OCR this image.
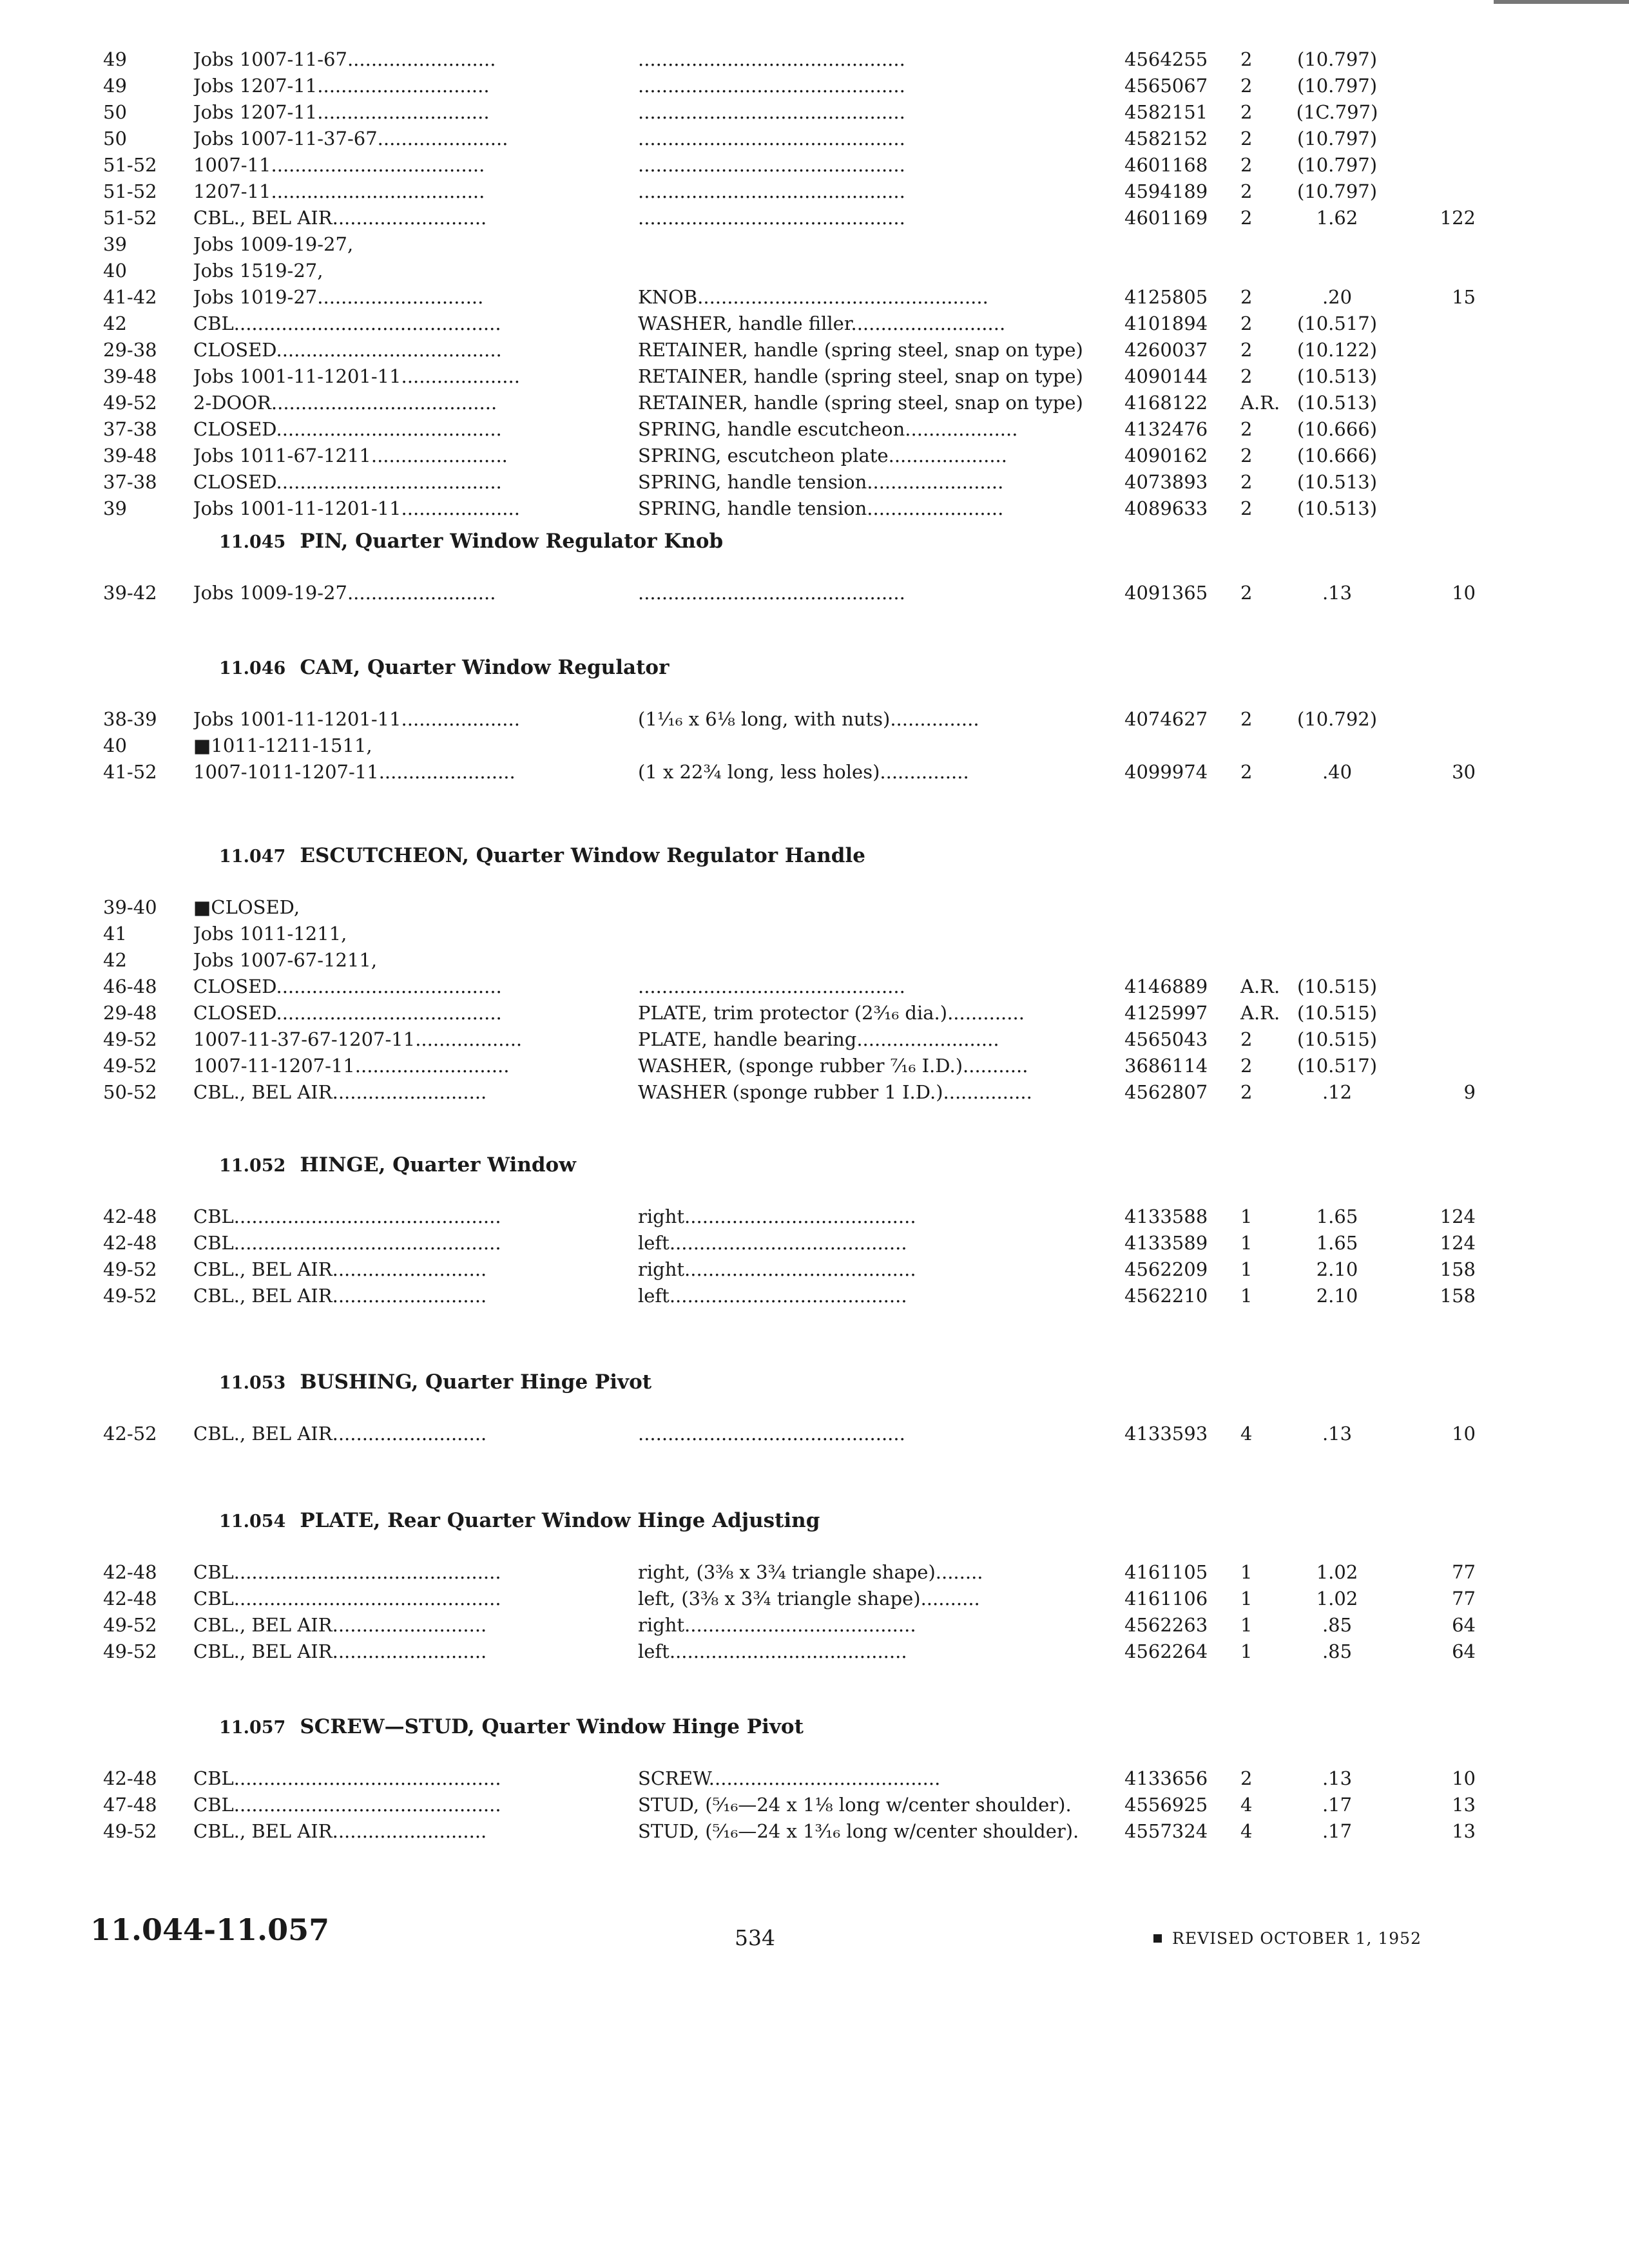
49	Jobs 1007-11-67.........................	.............................................	4564255	2	(10.797)
49	Jobs 1207-11.............................	.............................................	4565067	2	(10.797)
50	Jobs 1207-11.............................	.............................................	4582151	2	(1C.797)
50	Jobs 1007-11-37-67......................	.............................................	4582152	2	(10.797)
51-52	1007-11....................................	.............................................	4601168	2	(10.797)
51-52	1207-11....................................	.............................................	4594189	2	(10.797)
51-52	CBL., BEL AIR..........................	.............................................	4601169	2	1.62	122
39	Jobs 1009-19-27,
40	Jobs 1519-27,
41-42	Jobs 1019-27............................	KNOB.................................................	4125805	2	.20	15
42	CBL.............................................	WASHER, handle filler..........................	4101894	2	(10.517)
29-38	CLOSED......................................	RETAINER, handle (spring steel, snap on type)	4260037	2	(10.122)
39-48	Jobs 1001-11-1201-11....................	RETAINER, handle (spring steel, snap on type)	4090144	2	(10.513)
49-52	2-DOOR......................................	RETAINER, handle (spring steel, snap on type)	4168122	A.R. (10.513)
37-38	CLOSED......................................	SPRING, handle escutcheon...................	4132476	2	(10.666)
39-48	Jobs 1011-67-1211.......................	SPRING, escutcheon plate....................	4090162	2	(10.666)
37-38	CLOSED......................................	SPRING, handle tension.......................	4073893	2	(10.513)
39	Jobs 1001-11-1201-11....................	SPRING, handle tension.......................	4089633	2	(10.513)
11.045 PIN, Quarter Window Regulator Knob
39-42	Jobs 1009-19-27.........................	.............................................	4091365	2	.13	10
11.046 CAM, Quarter Window Regulator
38-39	Jobs 1001-11-1201-11....................	(1¹⁄₁₆ x 6⅛ long, with nuts)...............	4074627	2	(10.792)
40	■1011-1211-1511,
41-52	1007-1011-1207-11.......................	(1 x 22¾ long, less holes)...............	4099974	2	.40	30
11.047 ESCUTCHEON, Quarter Window Regulator Handle
39-40	■CLOSED,
41	Jobs 1011-1211,
42	Jobs 1007-67-1211,
46-48	CLOSED......................................	.............................................	4146889	A.R. (10.515)
29-48	CLOSED......................................	PLATE, trim protector (2³⁄₁₆ dia.).............	4125997	A.R. (10.515)
49-52	1007-11-37-67-1207-11..................	PLATE, handle bearing........................	4565043	2	(10.515)
49-52	1007-11-1207-11..........................	WASHER, (sponge rubber ⁷⁄₁₆ I.D.)...........	3686114	2	(10.517)
50-52	CBL., BEL AIR..........................	WASHER (sponge rubber 1 I.D.)...............	4562807	2	.12	9
11.052 HINGE, Quarter Window
42-48	CBL.............................................	right.......................................	4133588	1	1.65	124
42-48	CBL.............................................	left........................................	4133589	1	1.65	124
49-52	CBL., BEL AIR..........................	right.......................................	4562209	1	2.10	158
49-52	CBL., BEL AIR..........................	left........................................	4562210	1	2.10	158
11.053 BUSHING, Quarter Hinge Pivot
42-52	CBL., BEL AIR..........................	.............................................	4133593	4	.13	10
11.054 PLATE, Rear Quarter Window Hinge Adjusting
42-48	CBL.............................................	right, (3⅜ x 3¾ triangle shape)........	4161105	1	1.02	77
42-48	CBL.............................................	left, (3⅜ x 3¾ triangle shape)..........	4161106	1	1.02	77
49-52	CBL., BEL AIR..........................	right.......................................	4562263	1	.85	64
49-52	CBL., BEL AIR..........................	left........................................	4562264	1	.85	64
11.057 SCREW—STUD, Quarter Window Hinge Pivot
42-48	CBL.............................................	SCREW.......................................	4133656	2	.13	10
47-48	CBL.............................................	STUD, (⁵⁄₁₆—24 x 1⅛ long w/center shoulder).	4556925	4	.17	13
49-52	CBL., BEL AIR..........................	STUD, (⁵⁄₁₆—24 x 1³⁄₁₆ long w/center shoulder).	4557324	4	.17	13
11.044-11.057	534	REVISED OCTOBER 1, 1952
